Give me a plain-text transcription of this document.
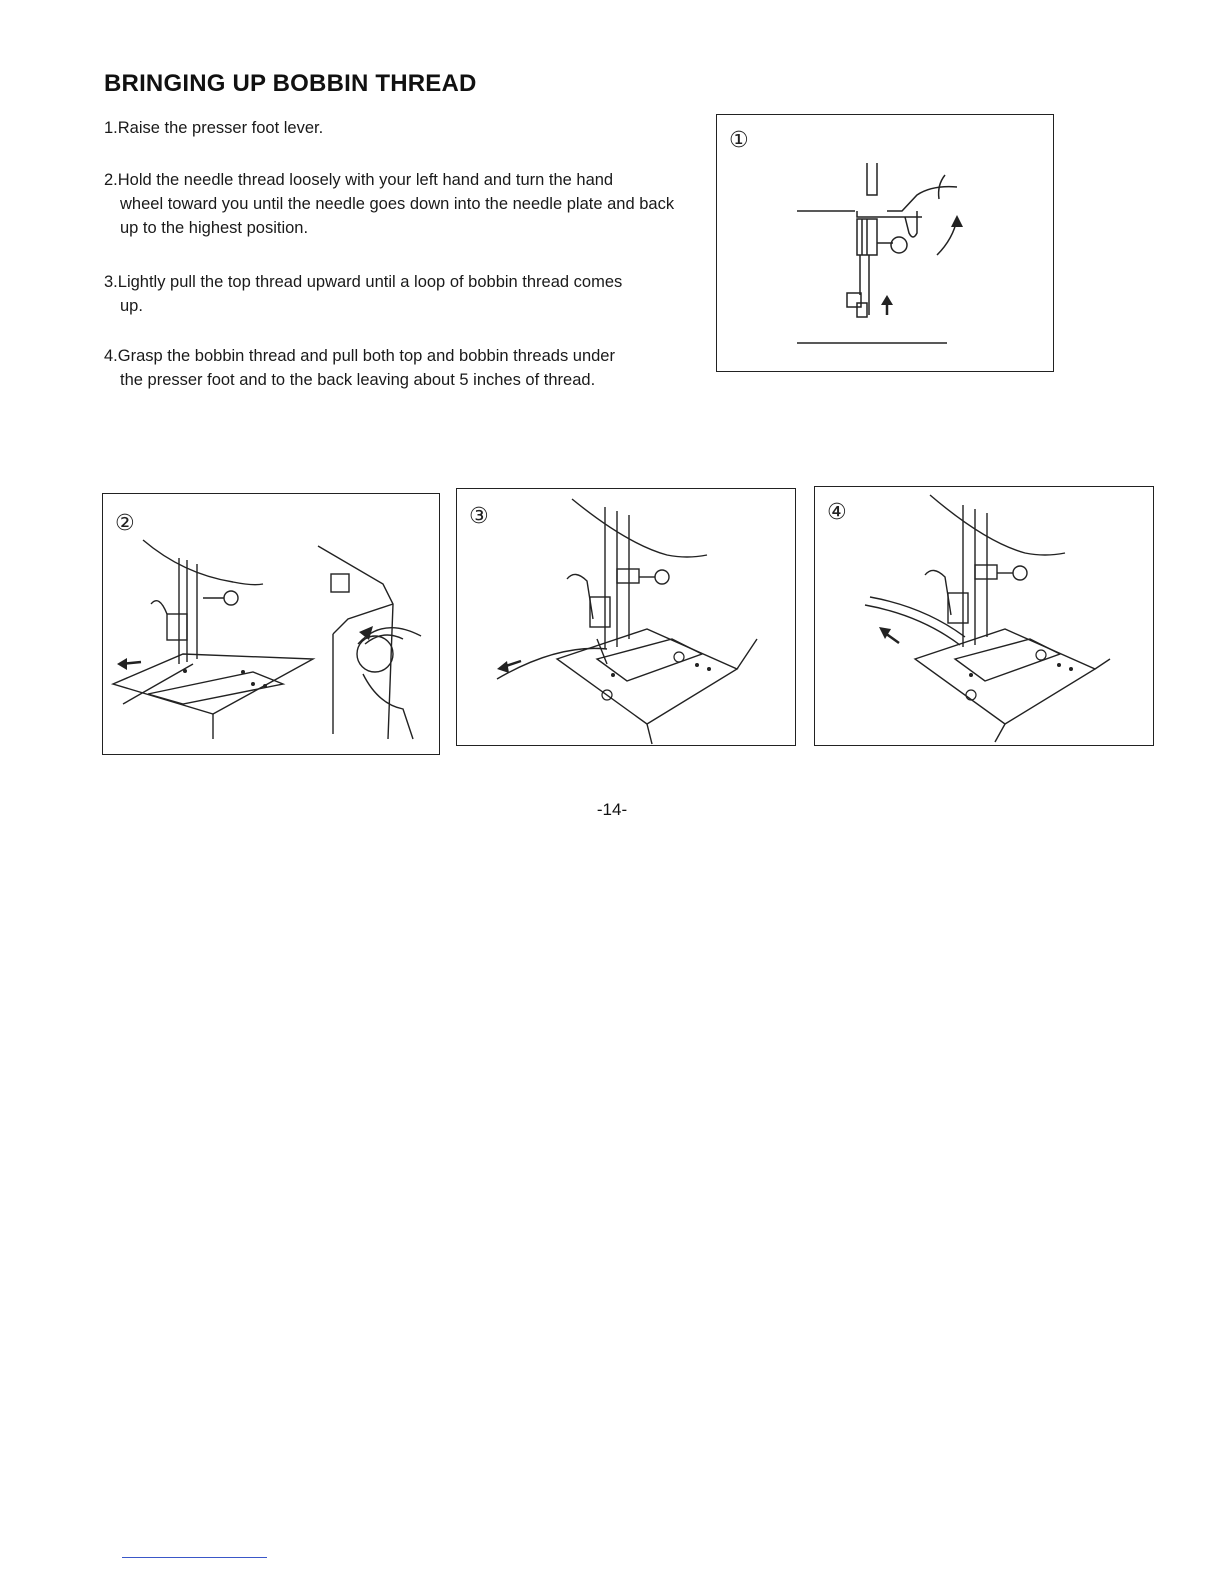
BRINGING UP BOBBIN THREAD
1.Raise the presser foot lever.
2.Hold the needle thread loosely with your left hand and turn the hand
wheel toward you until the needle goes down into the needle plate and back up to the highest position.
3.Lightly pull the top thread upward until a loop of bobbin thread comes
up.
4.Grasp the bobbin thread and pull both top and bobbin threads under
the presser foot and to the back leaving about 5 inches of thread.
①
②	③	④
-14-
